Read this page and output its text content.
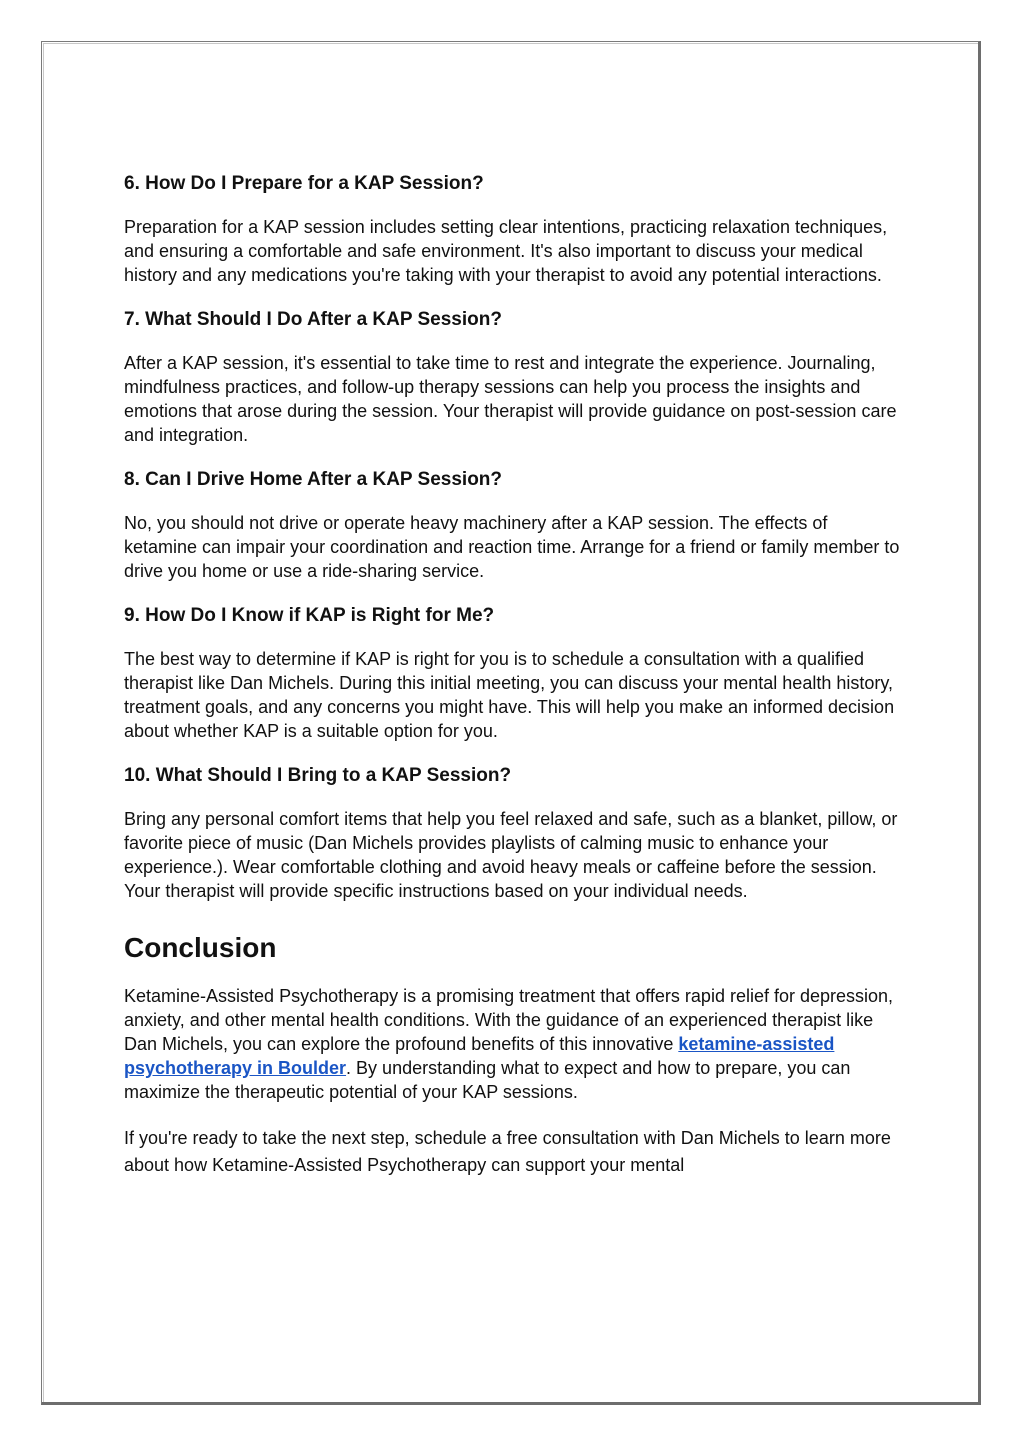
6. How Do I Prepare for a KAP Session?

Preparation for a KAP session includes setting clear intentions, practicing relaxation techniques, and ensuring a comfortable and safe environment. It's also important to discuss your medical history and any medications you're taking with your therapist to avoid any potential interactions.

7. What Should I Do After a KAP Session?

After a KAP session, it's essential to take time to rest and integrate the experience. Journaling, mindfulness practices, and follow-up therapy sessions can help you process the insights and emotions that arose during the session. Your therapist will provide guidance on post-session care and integration.

8. Can I Drive Home After a KAP Session?

No, you should not drive or operate heavy machinery after a KAP session. The effects of ketamine can impair your coordination and reaction time. Arrange for a friend or family member to drive you home or use a ride-sharing service.

9. How Do I Know if KAP is Right for Me?

The best way to determine if KAP is right for you is to schedule a consultation with a qualified therapist like Dan Michels. During this initial meeting, you can discuss your mental health history, treatment goals, and any concerns you might have. This will help you make an informed decision about whether KAP is a suitable option for you.

10. What Should I Bring to a KAP Session?

Bring any personal comfort items that help you feel relaxed and safe, such as a blanket, pillow, or favorite piece of music (Dan Michels provides playlists of calming music to enhance your experience.). Wear comfortable clothing and avoid heavy meals or caffeine before the session. Your therapist will provide specific instructions based on your individual needs.

Conclusion

Ketamine-Assisted Psychotherapy is a promising treatment that offers rapid relief for depression, anxiety, and other mental health conditions. With the guidance of an experienced therapist like Dan Michels, you can explore the profound benefits of this innovative ketamine-assisted psychotherapy in Boulder. By understanding what to expect and how to prepare, you can maximize the therapeutic potential of your KAP sessions.

If you're ready to take the next step, schedule a free consultation with Dan Michels to learn more about how Ketamine-Assisted Psychotherapy can support your mental
